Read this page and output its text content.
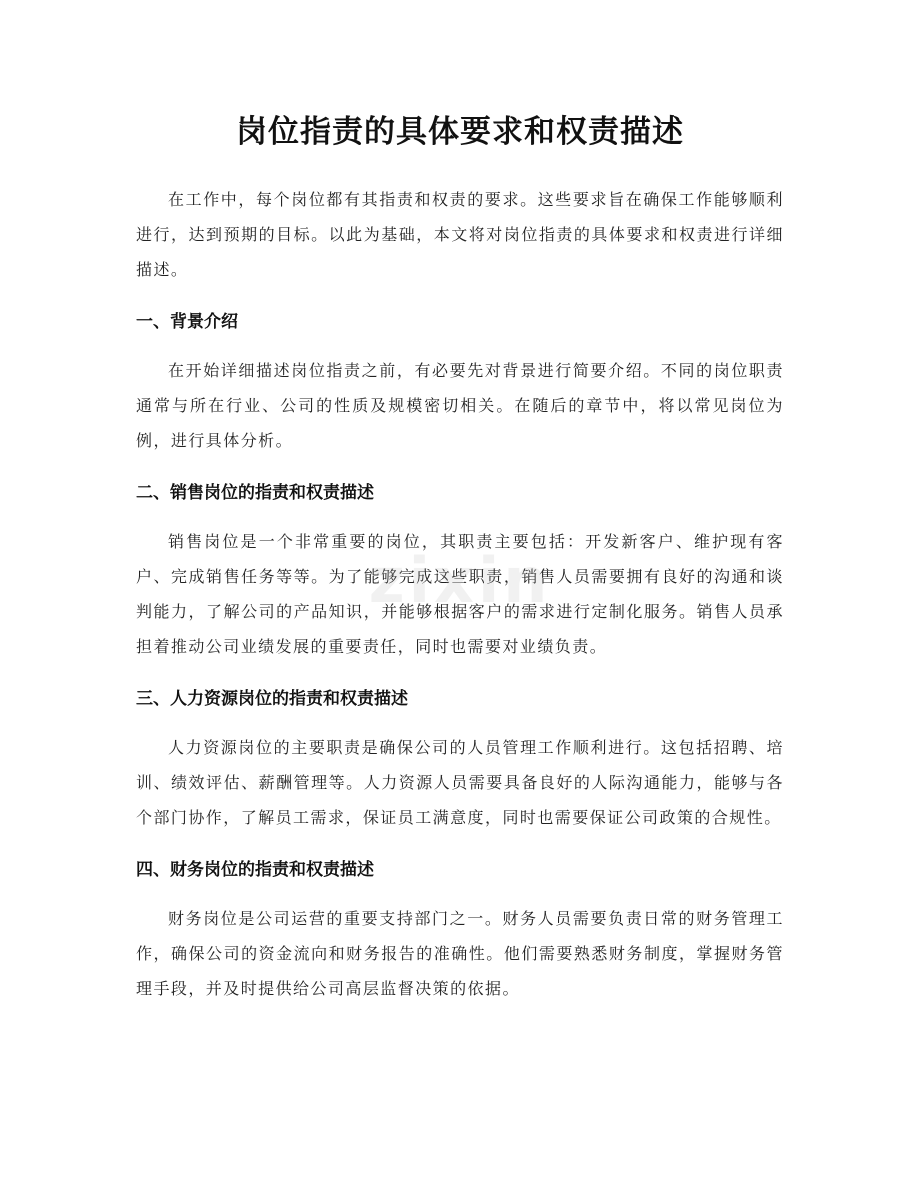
岗位指责的具体要求和权责描述

在工作中，每个岗位都有其指责和权责的要求。这些要求旨在确保工作能够顺利进行，达到预期的目标。以此为基础，本文将对岗位指责的具体要求和权责进行详细描述。

一、背景介绍

在开始详细描述岗位指责之前，有必要先对背景进行简要介绍。不同的岗位职责通常与所在行业、公司的性质及规模密切相关。在随后的章节中，将以常见岗位为例，进行具体分析。

二、销售岗位的指责和权责描述

销售岗位是一个非常重要的岗位，其职责主要包括：开发新客户、维护现有客户、完成销售任务等等。为了能够完成这些职责，销售人员需要拥有良好的沟通和谈判能力，了解公司的产品知识，并能够根据客户的需求进行定制化服务。销售人员承担着推动公司业绩发展的重要责任，同时也需要对业绩负责。

三、人力资源岗位的指责和权责描述

人力资源岗位的主要职责是确保公司的人员管理工作顺利进行。这包括招聘、培训、绩效评估、薪酬管理等。人力资源人员需要具备良好的人际沟通能力，能够与各个部门协作，了解员工需求，保证员工满意度，同时也需要保证公司政策的合规性。

四、财务岗位的指责和权责描述

财务岗位是公司运营的重要支持部门之一。财务人员需要负责日常的财务管理工作，确保公司的资金流向和财务报告的准确性。他们需要熟悉财务制度，掌握财务管理手段，并及时提供给公司高层监督决策的依据。

zixin
